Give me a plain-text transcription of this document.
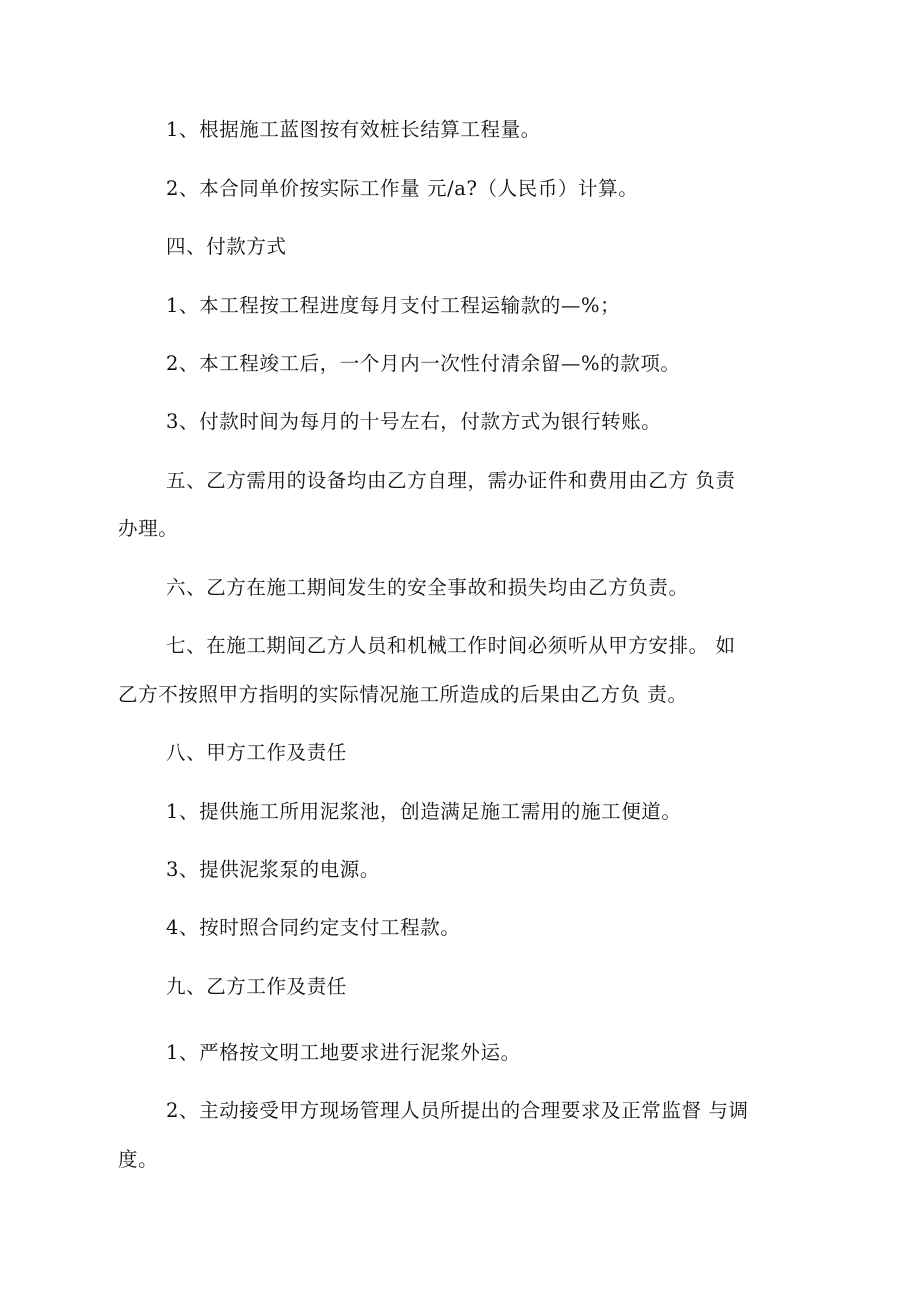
1、根据施工蓝图按有效桩长结算工程量。
2、本合同单价按实际工作量 元/a?（人民币）计算。
四、付款方式
1、本工程按工程进度每月支付工程运输款的—%；
2、本工程竣工后，一个月内一次性付清余留—%的款项。
3、付款时间为每月的十号左右，付款方式为银行转账。
五、乙方需用的设备均由乙方自理，需办证件和费用由乙方 负责
办理。
六、乙方在施工期间发生的安全事故和损失均由乙方负责。
七、在施工期间乙方人员和机械工作时间必须听从甲方安排。 如
乙方不按照甲方指明的实际情况施工所造成的后果由乙方负 责。
八、甲方工作及责任
1、提供施工所用泥浆池，创造满足施工需用的施工便道。
3、提供泥浆泵的电源。
4、按时照合同约定支付工程款。
九、乙方工作及责任
1、严格按文明工地要求进行泥浆外运。
2、主动接受甲方现场管理人员所提出的合理要求及正常监督 与调
度。
